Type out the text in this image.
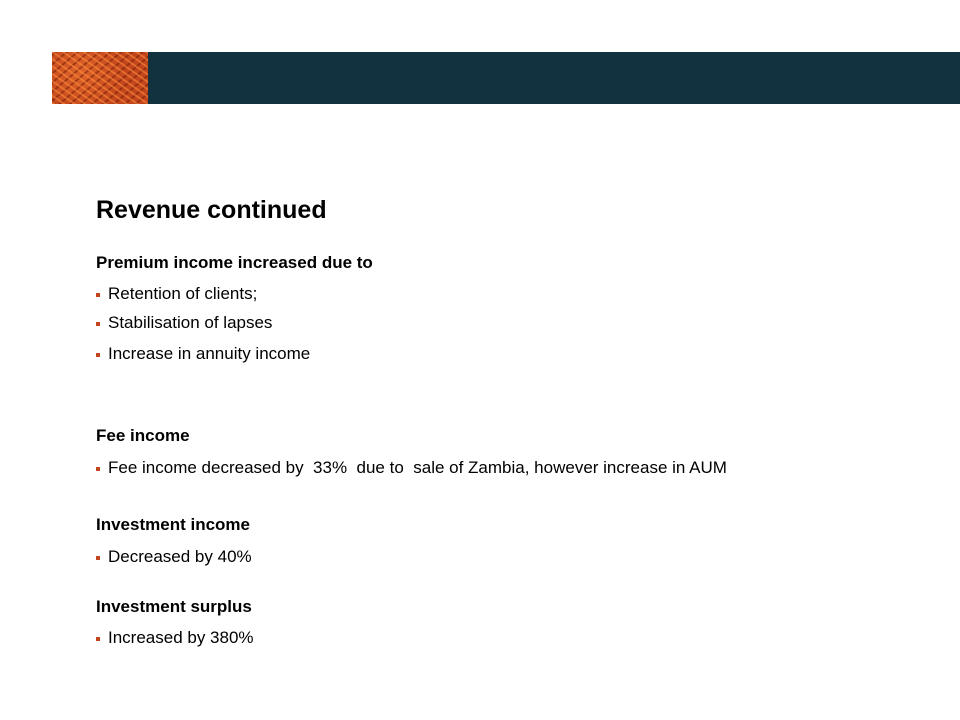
Revenue continued
Premium income increased due to
Retention of clients;
Stabilisation of lapses
Increase in annuity income
Fee income
Fee income decreased by  33%  due to  sale of Zambia, however increase in AUM
Investment income
Decreased by 40%
Investment surplus
Increased by 380%
